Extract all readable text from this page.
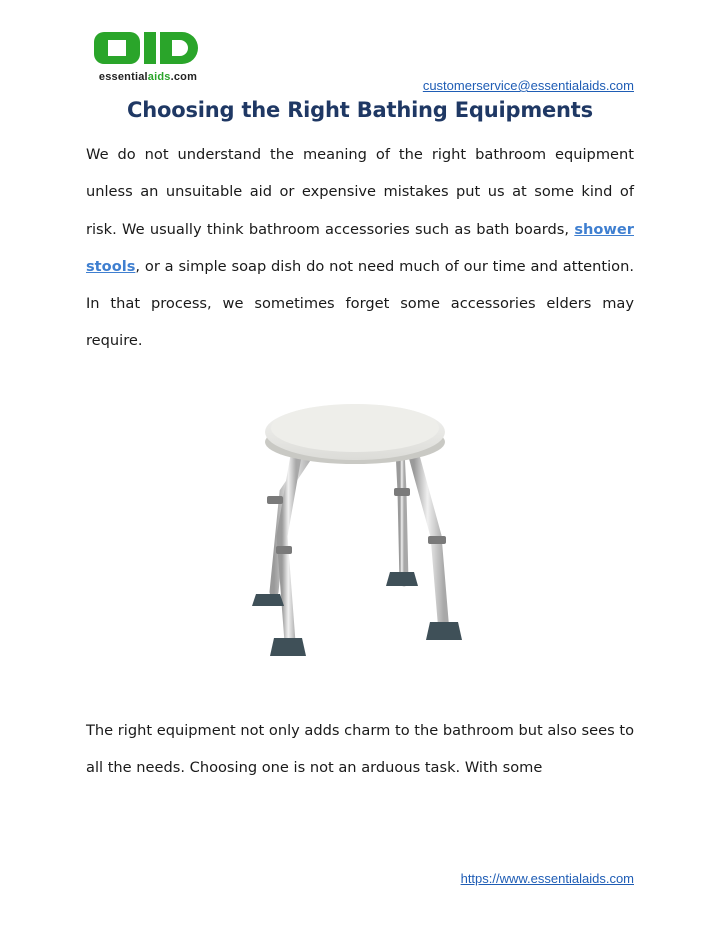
essentialaids.com
customerservice@essentialaids.com
Choosing the Right Bathing Equipments

We do not understand the meaning of the right bathroom equipment unless an unsuitable aid or expensive mistakes put us at some kind of risk. We usually think bathroom accessories such as bath boards, shower stools, or a simple soap dish do not need much of our time and attention. In that process, we sometimes forget some accessories elders may require.

The right equipment not only adds charm to the bathroom but also sees to all the needs. Choosing one is not an arduous task. With some

https://www.essentialaids.com
